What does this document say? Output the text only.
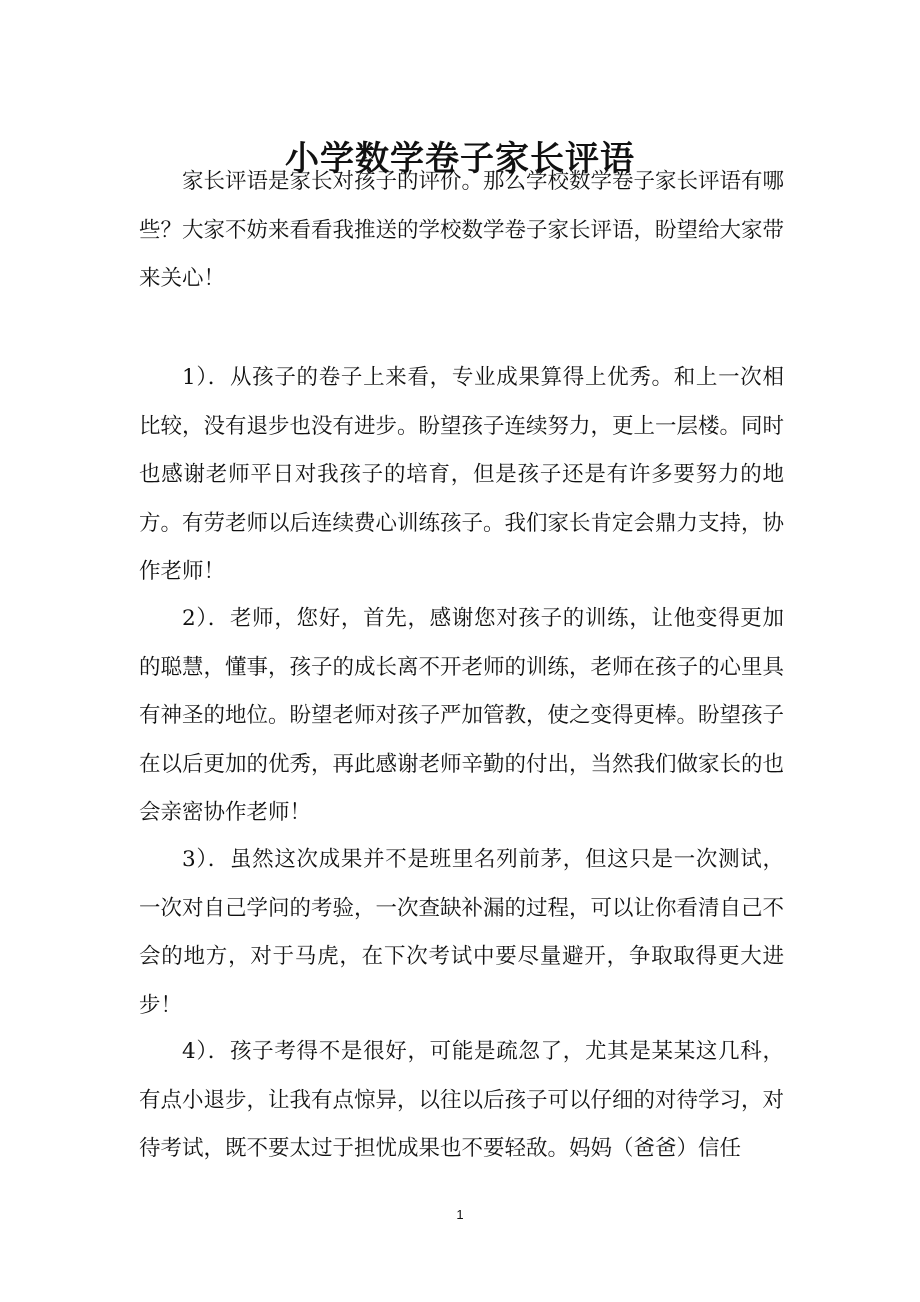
小学数学卷子家长评语

家长评语是家长对孩子的评价。那么学校数学卷子家长评语有哪些？大家不妨来看看我推送的学校数学卷子家长评语，盼望给大家带来关心！

1）．从孩子的卷子上来看，专业成果算得上优秀。和上一次相比较，没有退步也没有进步。盼望孩子连续努力，更上一层楼。同时也感谢老师平日对我孩子的培育，但是孩子还是有许多要努力的地方。有劳老师以后连续费心训练孩子。我们家长肯定会鼎力支持，协作老师！

2）．老师，您好，首先，感谢您对孩子的训练，让他变得更加的聪慧，懂事，孩子的成长离不开老师的训练，老师在孩子的心里具有神圣的地位。盼望老师对孩子严加管教，使之变得更棒。盼望孩子在以后更加的优秀，再此感谢老师辛勤的付出，当然我们做家长的也会亲密协作老师！

3）．虽然这次成果并不是班里名列前茅，但这只是一次测试，一次对自己学问的考验，一次查缺补漏的过程，可以让你看清自己不会的地方，对于马虎，在下次考试中要尽量避开，争取取得更大进步！

4）．孩子考得不是很好，可能是疏忽了，尤其是某某这几科，有点小退步，让我有点惊异，以往以后孩子可以仔细的对待学习，对待考试，既不要太过于担忧成果也不要轻敌。妈妈（爸爸）信任

1
